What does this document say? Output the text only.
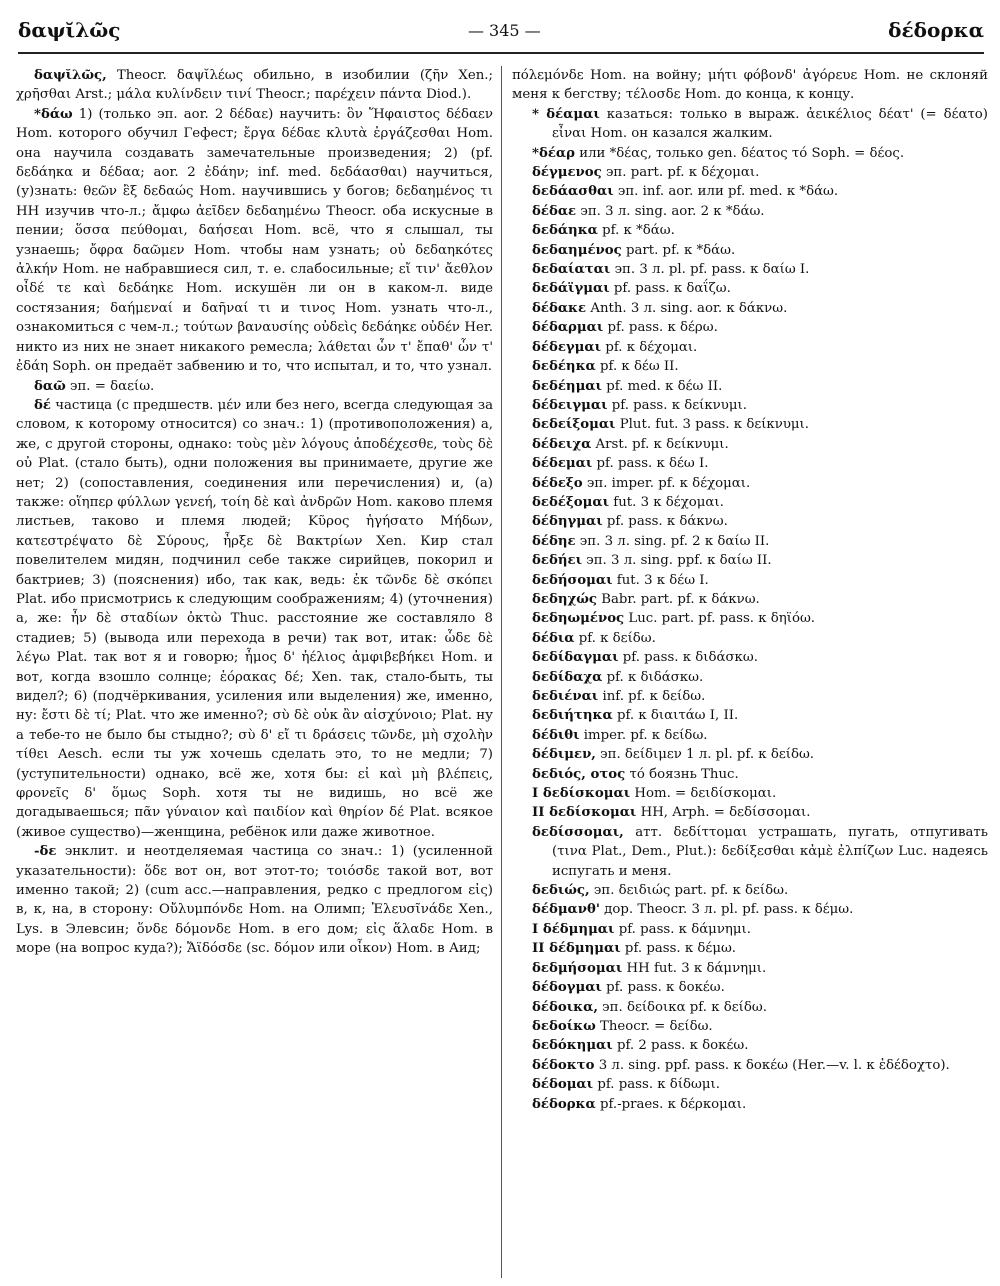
δαψῐλῶς	— 345 —	δέδορκα

δαψῐλῶς, Theocr. δαψῐλέως обильно, в изобилии (ζῆν Xen.; χρῆσθαι Arst.; μάλα κυλίνδειν τινί Theocr.; παρέχειν πάντα Diod.).

*δάω 1) (только эп. aor. 2 δέδαε) научить: ὃν Ἥφαιστος δέδαεν Hom. которого обучил Гефест; ἔργα δέδαε κλυτὰ ἐργάζεσθαι Hom. она научила создавать замечательные произведения; 2) (pf. δεδάηκα и δέδαα; aor. 2 ἐδάην; inf. med. δεδάασθαι) научиться, (у)знать: θεῶν ἒξ δεδαώς Hom. научившись у богов; δεδαημένος τι HH изучив что-л.; ἄμφω ἀεῖδεν δεδαημένω Theocr. оба искусные в пении; ὅσσα πεύθομαι, δαήσεαι Hom. всё, что я слышал, ты узнаешь; ὄφρα δαῶμεν Hom. чтобы нам узнать; οὐ δεδαηκότες ἀλκήν Hom. не набравшиеся сил, т. е. слабосильные; εἴ τιν' ἄεθλον οἶδέ τε καὶ δεδάηκε Hom. искушён ли он в каком-л. виде состязания; δαήμεναί и δαῆναί τι и τινος Hom. узнать что-л., ознакомиться с чем-л.; τούτων βαναυσίης οὐδεὶς δεδάηκε οὐδέν Her. никто из них не знает никакого ремесла; λάθεται ὧν τ' ἔπαθ' ὧν τ' ἐδάη Soph. он предаёт забвению и то, что испытал, и то, что узнал.

δαῶ эп. = δαείω.

δέ частица (с предшеств. μέν или без него, всегда следующая за словом, к которому относится) со знач.: 1) (противоположения) а, же, с другой стороны, однако: τοὺς μὲν λόγους ἀποδέχεσθε, τοὺς δὲ οὐ Plat. (стало быть), одни положения вы принимаете, другие же нет; 2) (сопоставления, соединения или перечисления) и, (а) также: οἵηπερ φύλλων γενεή, τοίη δὲ καὶ ἀνδρῶν Hom. каково племя листьев, таково и племя людей; Κῦρος ἡγήσατο Μήδων, κατεστρέψατο δὲ Σύρους, ἦρξε δὲ Βακτρίων Xen. Кир стал повелителем мидян, подчинил себе также сирийцев, покорил и бактриев; 3) (пояснения) ибо, так как, ведь: ἐκ τῶνδε δὲ σκόπει Plat. ибо присмотрись к следующим соображениям; 4) (уточнения) а, же: ἦν δὲ σταδίων ὀκτὼ Thuc. расстояние же составляло 8 стадиев; 5) (вывода или перехода в речи) так вот, итак: ὧδε δὲ λέγω Plat. так вот я и говорю; ἦμος δ' ἠέλιος ἀμφιβεβήκει Hom. и вот, когда взошло солнце; ἑόρακας δέ; Xen. так, стало-быть, ты видел?; 6) (подчёркивания, усиления или выделения) же, именно, ну: ἔστι δὲ τί; Plat. что же именно?; σὺ δὲ οὐκ ἂν αἰσχύνοιο; Plat. ну а тебе-то не было бы стыдно?; σὺ δ' εἴ τι δράσεις τῶνδε, μὴ σχολὴν τίθει Aesch. если ты уж хочешь сделать это, то не медли; 7) (уступительности) однако, всё же, хотя бы: εἰ καὶ μὴ βλέπεις, φρονεῖς δ' ὅμως Soph. хотя ты не видишь, но всё же догадываешься; πᾶν γύναιον καὶ παιδίον καὶ θηρίον δέ Plat. всякое (живое существо)—женщина, ребёнок или даже животное.

-δε энклит. и неотделяемая частица со знач.: 1) (усиленной указательности): ὅδε вот он, вот этот-то; τοιόσδε такой вот, вот именно такой; 2) (cum acc.—направления, редко с предлогом εἰς) в, к, на, в сторону: Οὔλυμπόνδε Hom. на Олимп; Ἐλευσῖνάδε Xen., Lys. в Элевсин; ὅνδε δόμονδε Hom. в его дом; εἰς ἅλαδε Hom. в море (на вопрос куда?); Ἄϊδόσδε (sc. δόμον или οἶκον) Hom. в Аид;

πόλεμόνδε Hom. на войну; μήτι φόβονδ' ἀγόρευε Hom. не склоняй меня к бегству; τέλοσδε Hom. до конца, к концу.

* δέαμαι казаться: только в выраж. ἀεικέλιος δέατ' (= δέατο) εἶναι Hom. он казался жалким.

*δέαρ или *δέας, только gen. δέατος τό Soph. = δέος.

δέγμενος эп. part. pf. к δέχομαι.

δεδάασθαι эп. inf. aor. или pf. med. к *δάω.

δέδαε эп. 3 л. sing. aor. 2 к *δάω.

δεδάηκα pf. к *δάω.

δεδαημένος part. pf. к *δάω.

δεδαίαται эп. 3 л. pl. pf. pass. к δαίω I.

δεδάϊγμαι pf. pass. к δαΐζω.

δέδακε Anth. 3 л. sing. aor. к δάκνω.

δέδαρμαι pf. pass. к δέρω.

δέδεγμαι pf. к δέχομαι.

δεδέηκα pf. к δέω II.

δεδέημαι pf. med. к δέω II.

δέδειγμαι pf. pass. к δείκνυμι.

δεδείξομαι Plut. fut. 3 pass. к δείκνυμι.

δέδειχα Arst. pf. к δείκνυμι.

δέδεμαι pf. pass. к δέω I.

δέδεξο эп. imper. pf. к δέχομαι.

δεδέξομαι fut. 3 к δέχομαι.

δέδηγμαι pf. pass. к δάκνω.

δέδηε эп. 3 л. sing. pf. 2 к δαίω II.

δεδήει эп. 3 л. sing. ppf. к δαίω II.

δεδήσομαι fut. 3 к δέω I.

δεδηχώς Babr. part. pf. к δάκνω.

δεδηωμένος Luc. part. pf. pass. к δηϊόω.

δέδια pf. к δείδω.

δεδίδαγμαι pf. pass. к διδάσκω.

δεδίδαχα pf. к διδάσκω.

δεδιέναι inf. pf. к δείδω.

δεδιήτηκα pf. к διαιτάω I, II.

δέδιθι imper. pf. к δείδω.

δέδιμεν, эп. δείδιμεν 1 л. pl. pf. к δείδω.

δεδιός, οτος τό боязнь Thuc.

I δεδίσκομαι Hom. = δειδίσκομαι.

II δεδίσκομαι HH, Arph. = δεδίσσομαι.

δεδίσσομαι, атт. δεδίττομαι устрашать, пугать, отпугивать (τινα Plat., Dem., Plut.): δεδίξεσθαι κἀμὲ ἐλπίζων Luc. надеясь испугать и меня.

δεδιώς, эп. δειδιώς part. pf. к δείδω.

δέδμανθ' дор. Theocr. 3 л. pl. pf. pass. к δέμω.

I δέδμημαι pf. pass. к δάμνημι.

II δέδμημαι pf. pass. к δέμω.

δεδμήσομαι HH fut. 3 к δάμνημι.

δέδογμαι pf. pass. к δοκέω.

δέδοικα, эп. δείδοικα pf. к δείδω.

δεδοίκω Theocr. = δείδω.

δεδόκημαι pf. 2 pass. к δοκέω.

δέδοκτο 3 л. sing. ppf. pass. к δοκέω (Her.—v. l. к ἐδέδοχτο).

δέδομαι pf. pass. к δίδωμι.

δέδορκα pf.-praes. к δέρκομαι.
